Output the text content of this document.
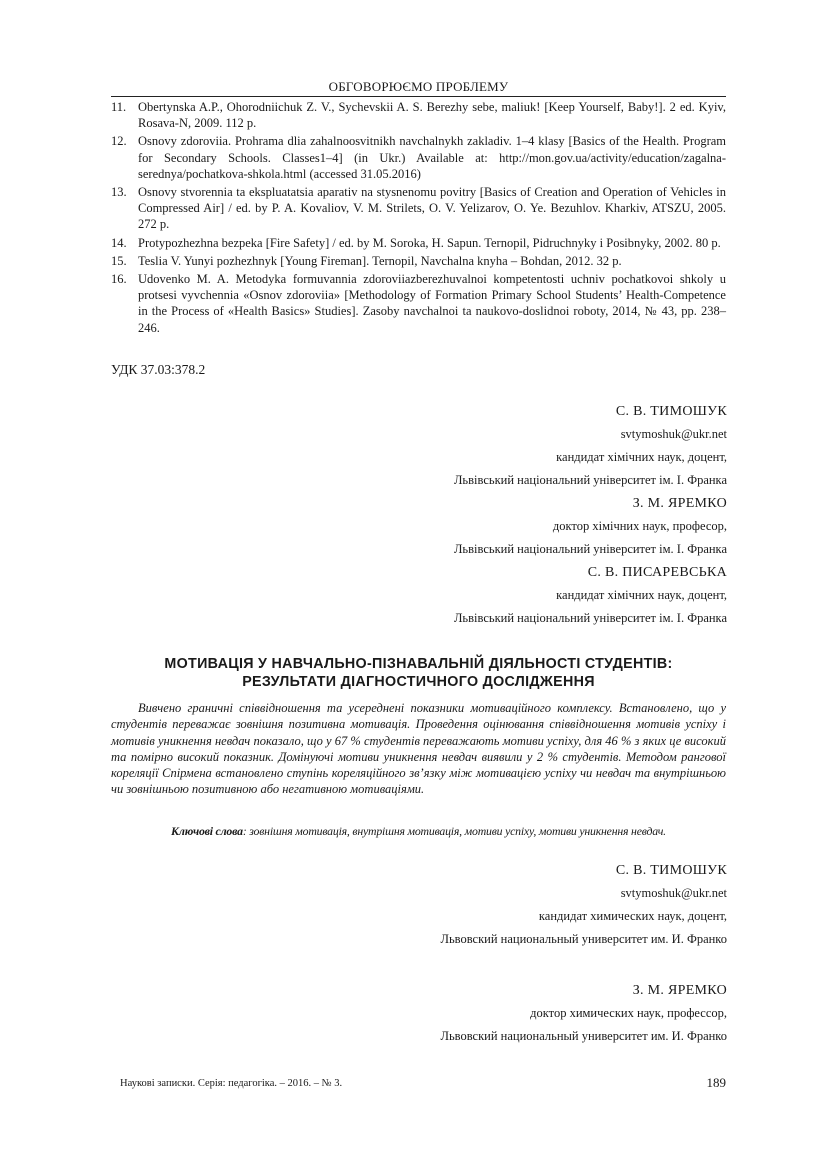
ОБГОВОРЮЄМО ПРОБЛЕМУ
11. Obertynska A.P., Ohorodniichuk Z. V., Sychevskii A. S. Berezhy sebe, maliuk! [Keep Yourself, Baby!]. 2 ed. Kyiv, Rosava-N, 2009. 112 p.
12. Osnovy zdoroviia. Prohrama dlia zahalnoosvitnikh navchalnykh zakladiv. 1–4 klasy [Basics of the Health. Program for Secondary Schools. Classes1–4] (in Ukr.) Available at: http://mon.gov.ua/activity/education/zagalna-serednya/pochatkova-shkola.html (accessed 31.05.2016)
13. Osnovy stvorennia ta ekspluatatsia aparativ na stysnenomu povitry [Basics of Creation and Operation of Vehicles in Compressed Air] / ed. by P. A. Kovaliov, V. M. Strilets, O. V. Yelizarov, O. Ye. Bezuhlov. Kharkiv, ATSZU, 2005. 272 p.
14. Protypozhezhna bezpeka [Fire Safety] / ed. by M. Soroka, H. Sapun. Ternopil, Pidruchnyky i Posibnyky, 2002. 80 p.
15. Teslia V. Yunyi pozhezhnyk [Young Fireman]. Ternopil, Navchalna knyha – Bohdan, 2012. 32 p.
16. Udovenko M. A. Metodyka formuvannia zdoroviiazberezhuvalnoi kompetentosti uchniv pochatkovoi shkoly u protsesi vyvchennia «Osnov zdoroviia» [Methodology of Formation Primary School Students’ Health-Competence in the Process of «Health Basics» Studies]. Zasoby navchalnoi ta naukovo-doslidnoi roboty, 2014, № 43, pp. 238–246.
УДК 37.03:378.2
С. В. ТИМОШУК
svtymoshuk@ukr.net
кандидат хімічних наук, доцент,
Львівський національний університет ім. І. Франка
З. М. ЯРЕМКО
доктор хімічних наук, професор,
Львівський національний університет ім. І. Франка
С. В. ПИСАРЕВСЬКА
кандидат хімічних наук, доцент,
Львівський національний університет ім. І. Франка
МОТИВАЦІЯ У НАВЧАЛЬНО-ПІЗНАВАЛЬНІЙ ДІЯЛЬНОСТІ СТУДЕНТІВ:
РЕЗУЛЬТАТИ ДІАГНОСТИЧНОГО ДОСЛІДЖЕННЯ

Вивчено граничні співвідношення та усереднені показники мотиваційного комплексу. Встановлено, що у студентів переважає зовнішня позитивна мотивація. Проведення оцінювання співвідношення мотивів успіху і мотивів уникнення невдач показало, що у 67 % студентів переважають мотиви успіху, для 46 % з яких це високий та помірно високий показник. Домінуючі мотиви уникнення невдач виявили у 2 % студентів. Методом рангової кореляції Спірмена встановлено ступінь кореляційного зв’язку між мотивацією успіху чи невдач та внутрішньою чи зовнішньою позитивною або негативною мотиваціями.

Ключові слова: зовнішня мотивація, внутрішня мотивація, мотиви успіху, мотиви уникнення невдач.
С. В. ТИМОШУК
svtymoshuk@ukr.net
кандидат химических наук, доцент,
Львовский национальный университет им. И. Франко
З. М. ЯРЕМКО
доктор химических наук, профессор,
Львовский национальный университет им. И. Франко
Наукові записки. Серія: педагогіка. – 2016. – № 3.	189
